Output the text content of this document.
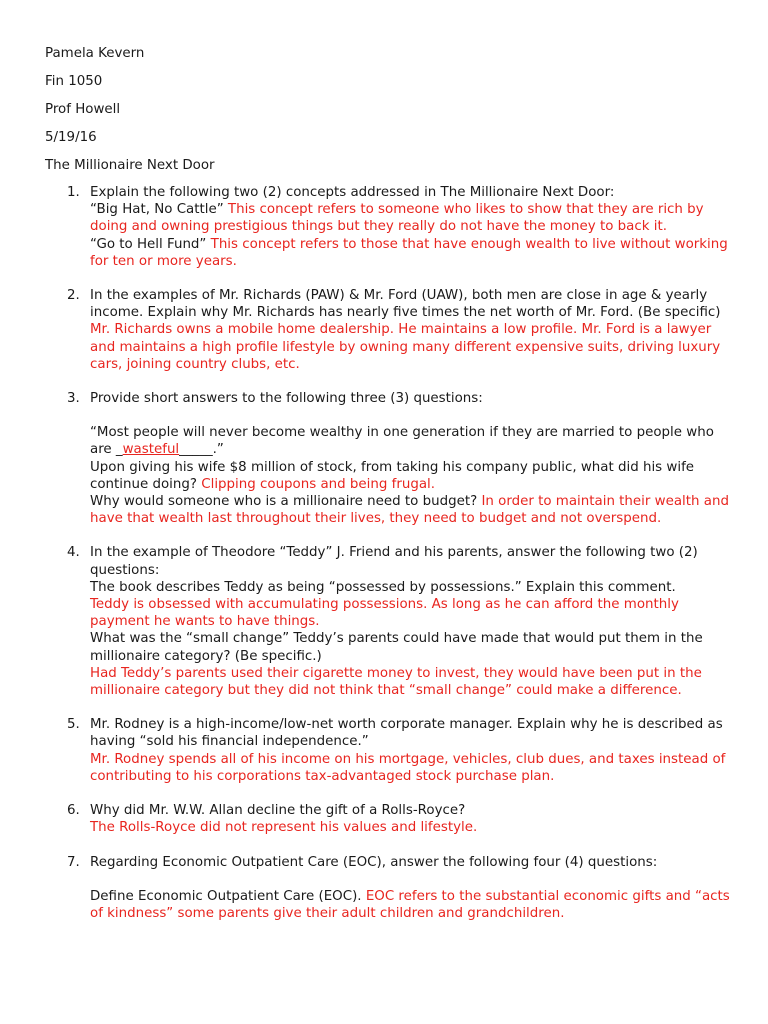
Pamela Kevern

Fin 1050

Prof Howell

5/19/16

The Millionaire Next Door

1. Explain the following two (2) concepts addressed in The Millionaire Next Door:
“Big Hat, No Cattle” This concept refers to someone who likes to show that they are rich by doing and owning prestigious things but they really do not have the money to back it.
“Go to Hell Fund” This concept refers to those that have enough wealth to live without working for ten or more years.
2. In the examples of Mr. Richards (PAW) & Mr. Ford (UAW), both men are close in age & yearly income. Explain why Mr. Richards has nearly five times the net worth of Mr. Ford. (Be specific)
Mr. Richards owns a mobile home dealership. He maintains a low profile. Mr. Ford is a lawyer and maintains a high profile lifestyle by owning many different expensive suits, driving luxury cars, joining country clubs, etc.
3. Provide short answers to the following three (3) questions:
“Most people will never become wealthy in one generation if they are married to people who are _wasteful_____.”
Upon giving his wife $8 million of stock, from taking his company public, what did his wife continue doing? Clipping coupons and being frugal.
Why would someone who is a millionaire need to budget? In order to maintain their wealth and have that wealth last throughout their lives, they need to budget and not overspend.
4. In the example of Theodore “Teddy” J. Friend and his parents, answer the following two (2) questions:
The book describes Teddy as being “possessed by possessions.” Explain this comment.
Teddy is obsessed with accumulating possessions. As long as he can afford the monthly payment he wants to have things.
What was the “small change” Teddy’s parents could have made that would put them in the millionaire category? (Be specific.)
Had Teddy’s parents used their cigarette money to invest, they would have been put in the millionaire category but they did not think that “small change” could make a difference.
5. Mr. Rodney is a high-income/low-net worth corporate manager. Explain why he is described as having “sold his financial independence.”
Mr. Rodney spends all of his income on his mortgage, vehicles, club dues, and taxes instead of contributing to his corporations tax-advantaged stock purchase plan.
6. Why did Mr. W.W. Allan decline the gift of a Rolls-Royce?
The Rolls-Royce did not represent his values and lifestyle.
7. Regarding Economic Outpatient Care (EOC), answer the following four (4) questions:
Define Economic Outpatient Care (EOC). EOC refers to the substantial economic gifts and “acts of kindness” some parents give their adult children and grandchildren.
